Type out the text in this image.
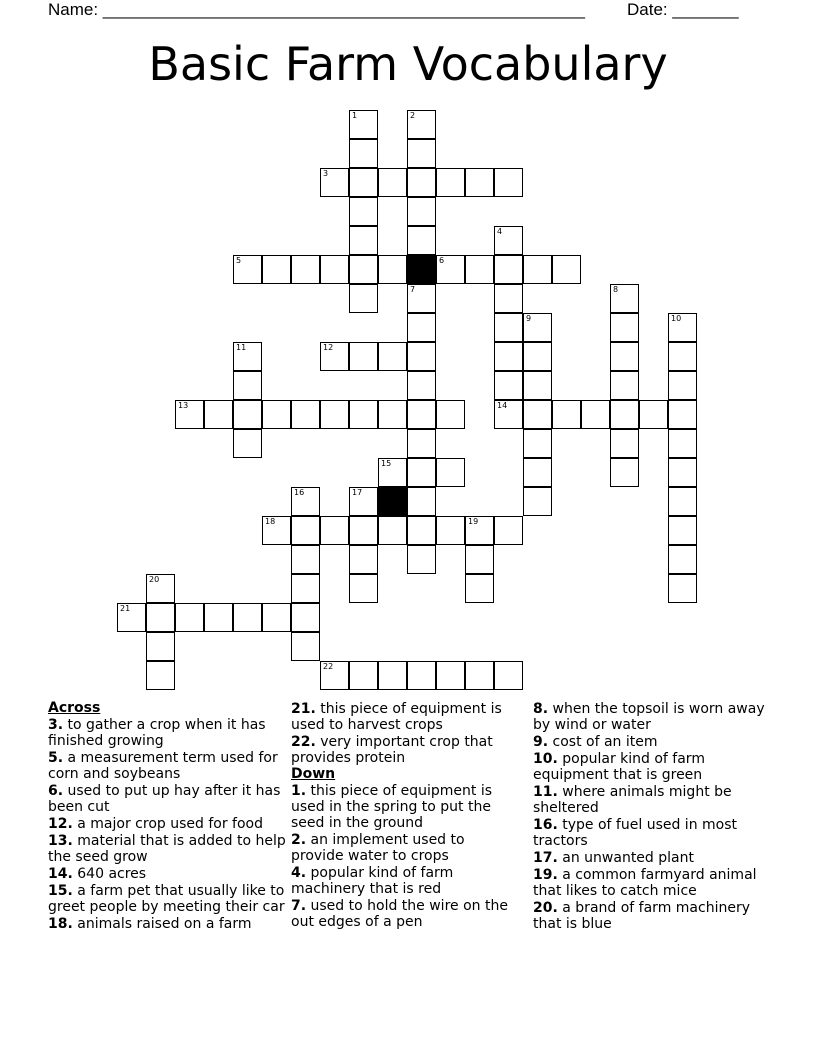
Name: ___________________________________________________ Date: _______
Basic Farm Vocabulary
3
5	6
12
13	14
15
18	19
21
22
1	2
4
7	8
9	10
11
16	17
20
Across
3. to gather a crop when it has finished growing
5. a measurement term used for corn and soybeans
6. used to put up hay after it has been cut
12. a major crop used for food
13. material that is added to help the seed grow
14. 640 acres
15. a farm pet that usually like to greet people by meeting their car
18. animals raised on a farm
21. this piece of equipment is used to harvest crops
22. very important crop that provides protein
Down
1. this piece of equipment is used in the spring to put the seed in the ground
2. an implement used to provide water to crops
4. popular kind of farm machinery that is red
7. used to hold the wire on the out edges of a pen
8. when the topsoil is worn away by wind or water
9. cost of an item
10. popular kind of farm equipment that is green
11. where animals might be sheltered
16. type of fuel used in most tractors
17. an unwanted plant
19. a common farmyard animal that likes to catch mice
20. a brand of farm machinery that is blue
